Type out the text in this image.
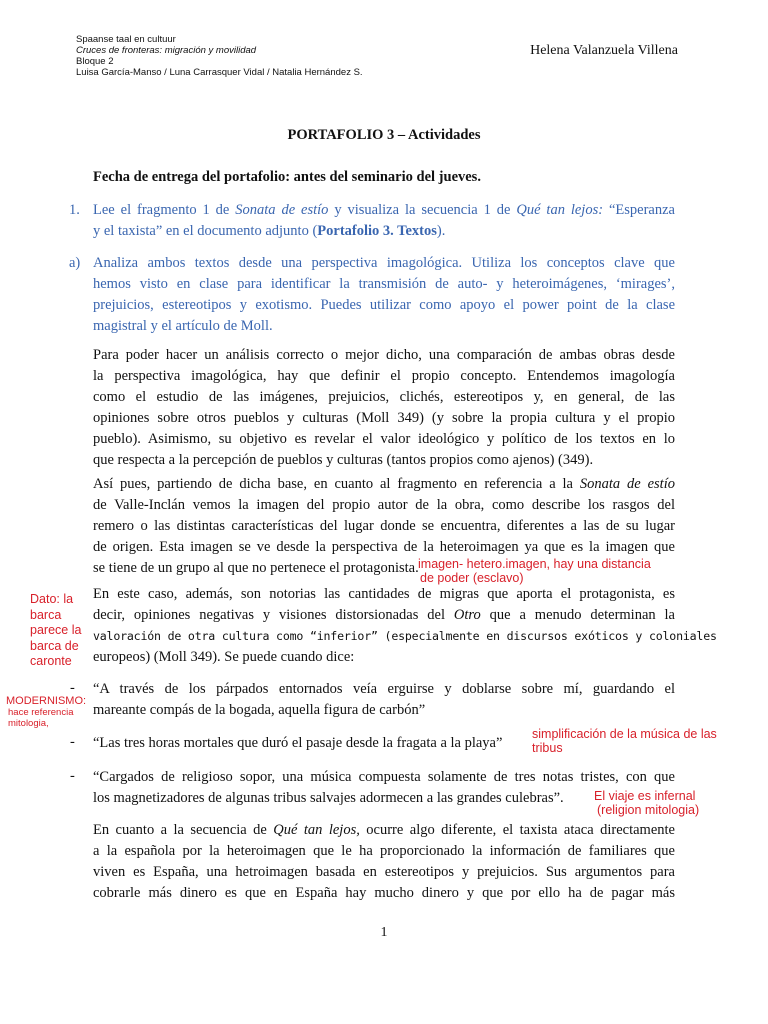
Spaanse taal en cultuur
Cruces de fronteras: migración y movilidad
Bloque 2
Luisa García-Manso / Luna Carrasquer Vidal / Natalia Hernández S.
Helena Valanzuela Villena
PORTAFOLIO 3 – Actividades
Fecha de entrega del portafolio: antes del seminario del jueves.
1. Lee el fragmento 1 de Sonata de estío y visualiza la secuencia 1 de Qué tan lejos: “Esperanza
y el taxista” en el documento adjunto (Portafolio 3. Textos).
a) Analiza ambos textos desde una perspectiva imagológica. Utiliza los conceptos clave que
hemos visto en clase para identificar la transmisión de auto- y heteroimágenes, ‘mirages’,
prejuicios, estereotipos y exotismo. Puedes utilizar como apoyo el power point de la clase
magistral y el artículo de Moll.
Para poder hacer un análisis correcto o mejor dicho, una comparación de ambas obras desde
la perspectiva imagológica, hay que definir el propio concepto. Entendemos imagología
como el estudio de las imágenes, prejuicios, clichés, estereotipos y, en general, de las
opiniones sobre otros pueblos y culturas (Moll 349) (y sobre la propia cultura y el propio
pueblo). Asimismo, su objetivo es revelar el valor ideológico y político de los textos en lo
que respecta a la percepción de pueblos y culturas (tantos propios como ajenos) (349).
Así pues, partiendo de dicha base, en cuanto al fragmento en referencia a la Sonata de estío
de Valle-Inclán vemos la imagen del propio autor de la obra, como describe los rasgos del
remero o las distintas características del lugar donde se encuentra, diferentes a las de su lugar
de origen. Esta imagen se ve desde la perspectiva de la heteroimagen ya que es la imagen que
se tiene de un grupo al que no pertenece el protagonista.
En este caso, además, son notorias las cantidades de migras que aporta el protagonista, es
decir, opiniones negativas y visiones distorsionadas del Otro que a menudo determinan la
valoración de otra cultura como “inferior” (especialmente en discursos exóticos y coloniales
europeos) (Moll 349). Se puede cuando dice:
- “A través de los párpados entornados veía erguirse y doblarse sobre mí, guardando el
mareante compás de la bogada, aquella figura de carbón”
- “Las tres horas mortales que duró el pasaje desde la fragata a la playa”
- “Cargados de religioso sopor, una música compuesta solamente de tres notas tristes, con que
los magnetizadores de algunas tribus salvajes adormecen a las grandes culebras”.
En cuanto a la secuencia de Qué tan lejos, ocurre algo diferente, el taxista ataca directamente
a la española por la heteroimagen que le ha proporcionado la información de familiares que
viven es España, una hetroimagen basada en estereotipos y prejuicios. Sus argumentos para
cobrarle más dinero es que en España hay mucho dinero y que por ello ha de pagar más
imagen- hetero.imagen, hay una distancia
de poder (esclavo)
Dato: la
barca
parece la
barca de
caronte
MODERNISMO:
hace referencia
mitologia,
simplificación de la música de las
tribus
El viaje es infernal
(religion mitologia)
1
